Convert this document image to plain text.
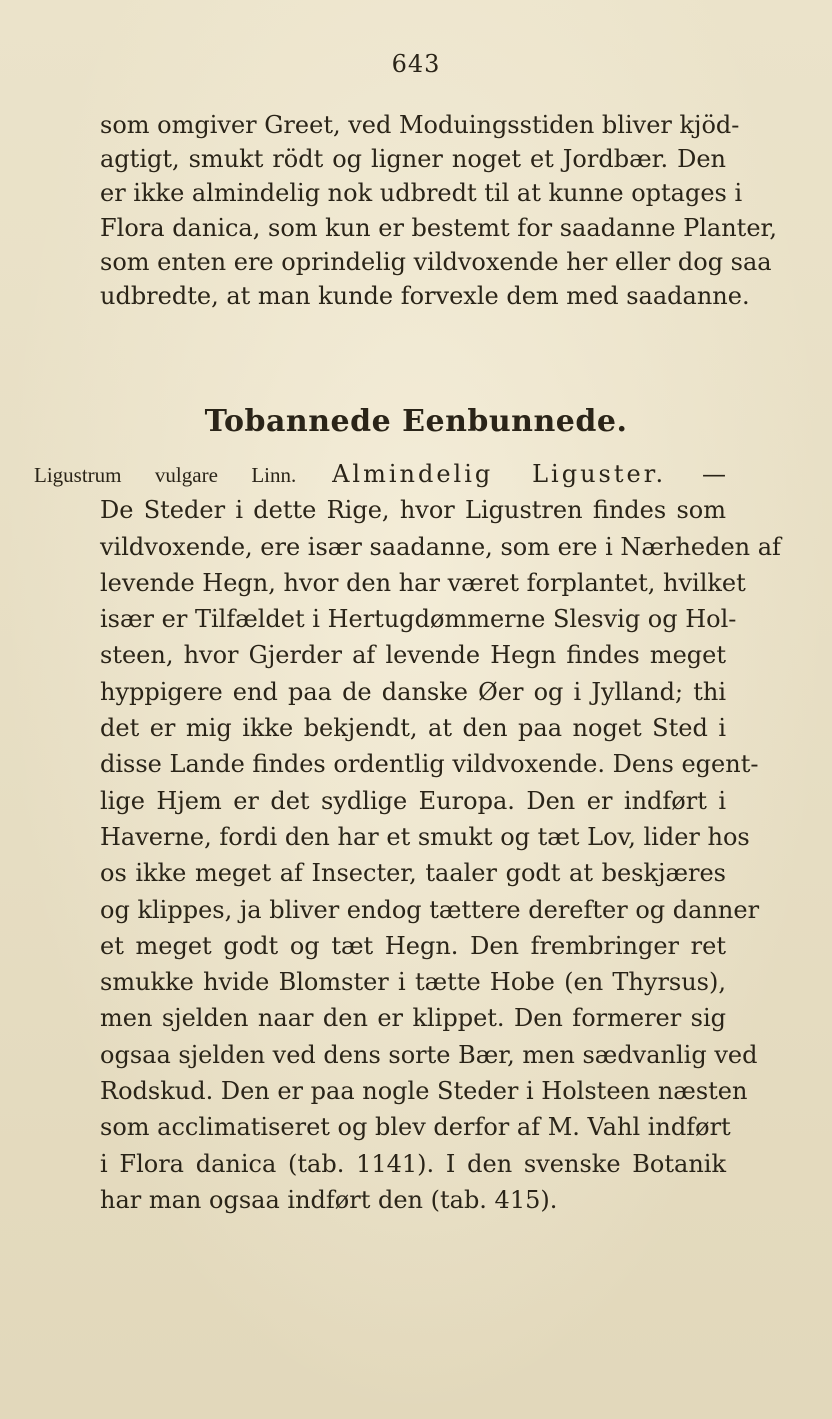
643
som omgiver Greet, ved Moduingsstiden bliver kjöd-
agtigt, smukt rödt og ligner noget et Jordbær. Den
er ikke almindelig nok udbredt til at kunne optages i
Flora danica, som kun er bestemt for saadanne Planter,
som enten ere oprindelig vildvoxende her eller dog saa
udbredte, at man kunde forvexle dem med saadanne.
Tobannede Eenbunnede.
Ligustrum vulgare Linn. Almindelig Liguster. —
De Steder i dette Rige, hvor Ligustren findes som
vildvoxende, ere især saadanne, som ere i Nærheden af
levende Hegn, hvor den har været forplantet, hvilket
især er Tilfældet i Hertugdømmerne Slesvig og Hol-
steen, hvor Gjerder af levende Hegn findes meget
hyppigere end paa de danske Øer og i Jylland; thi
det er mig ikke bekjendt, at den paa noget Sted i
disse Lande findes ordentlig vildvoxende. Dens egent-
lige Hjem er det sydlige Europa. Den er indført i
Haverne, fordi den har et smukt og tæt Lov, lider hos
os ikke meget af Insecter, taaler godt at beskjæres
og klippes, ja bliver endog tættere derefter og danner
et meget godt og tæt Hegn. Den frembringer ret
smukke hvide Blomster i tætte Hobe (en Thyrsus),
men sjelden naar den er klippet. Den formerer sig
ogsaa sjelden ved dens sorte Bær, men sædvanlig ved
Rodskud. Den er paa nogle Steder i Holsteen næsten
som acclimatiseret og blev derfor af M. Vahl indført
i Flora danica (tab. 1141). I den svenske Botanik
har man ogsaa indført den (tab. 415).
